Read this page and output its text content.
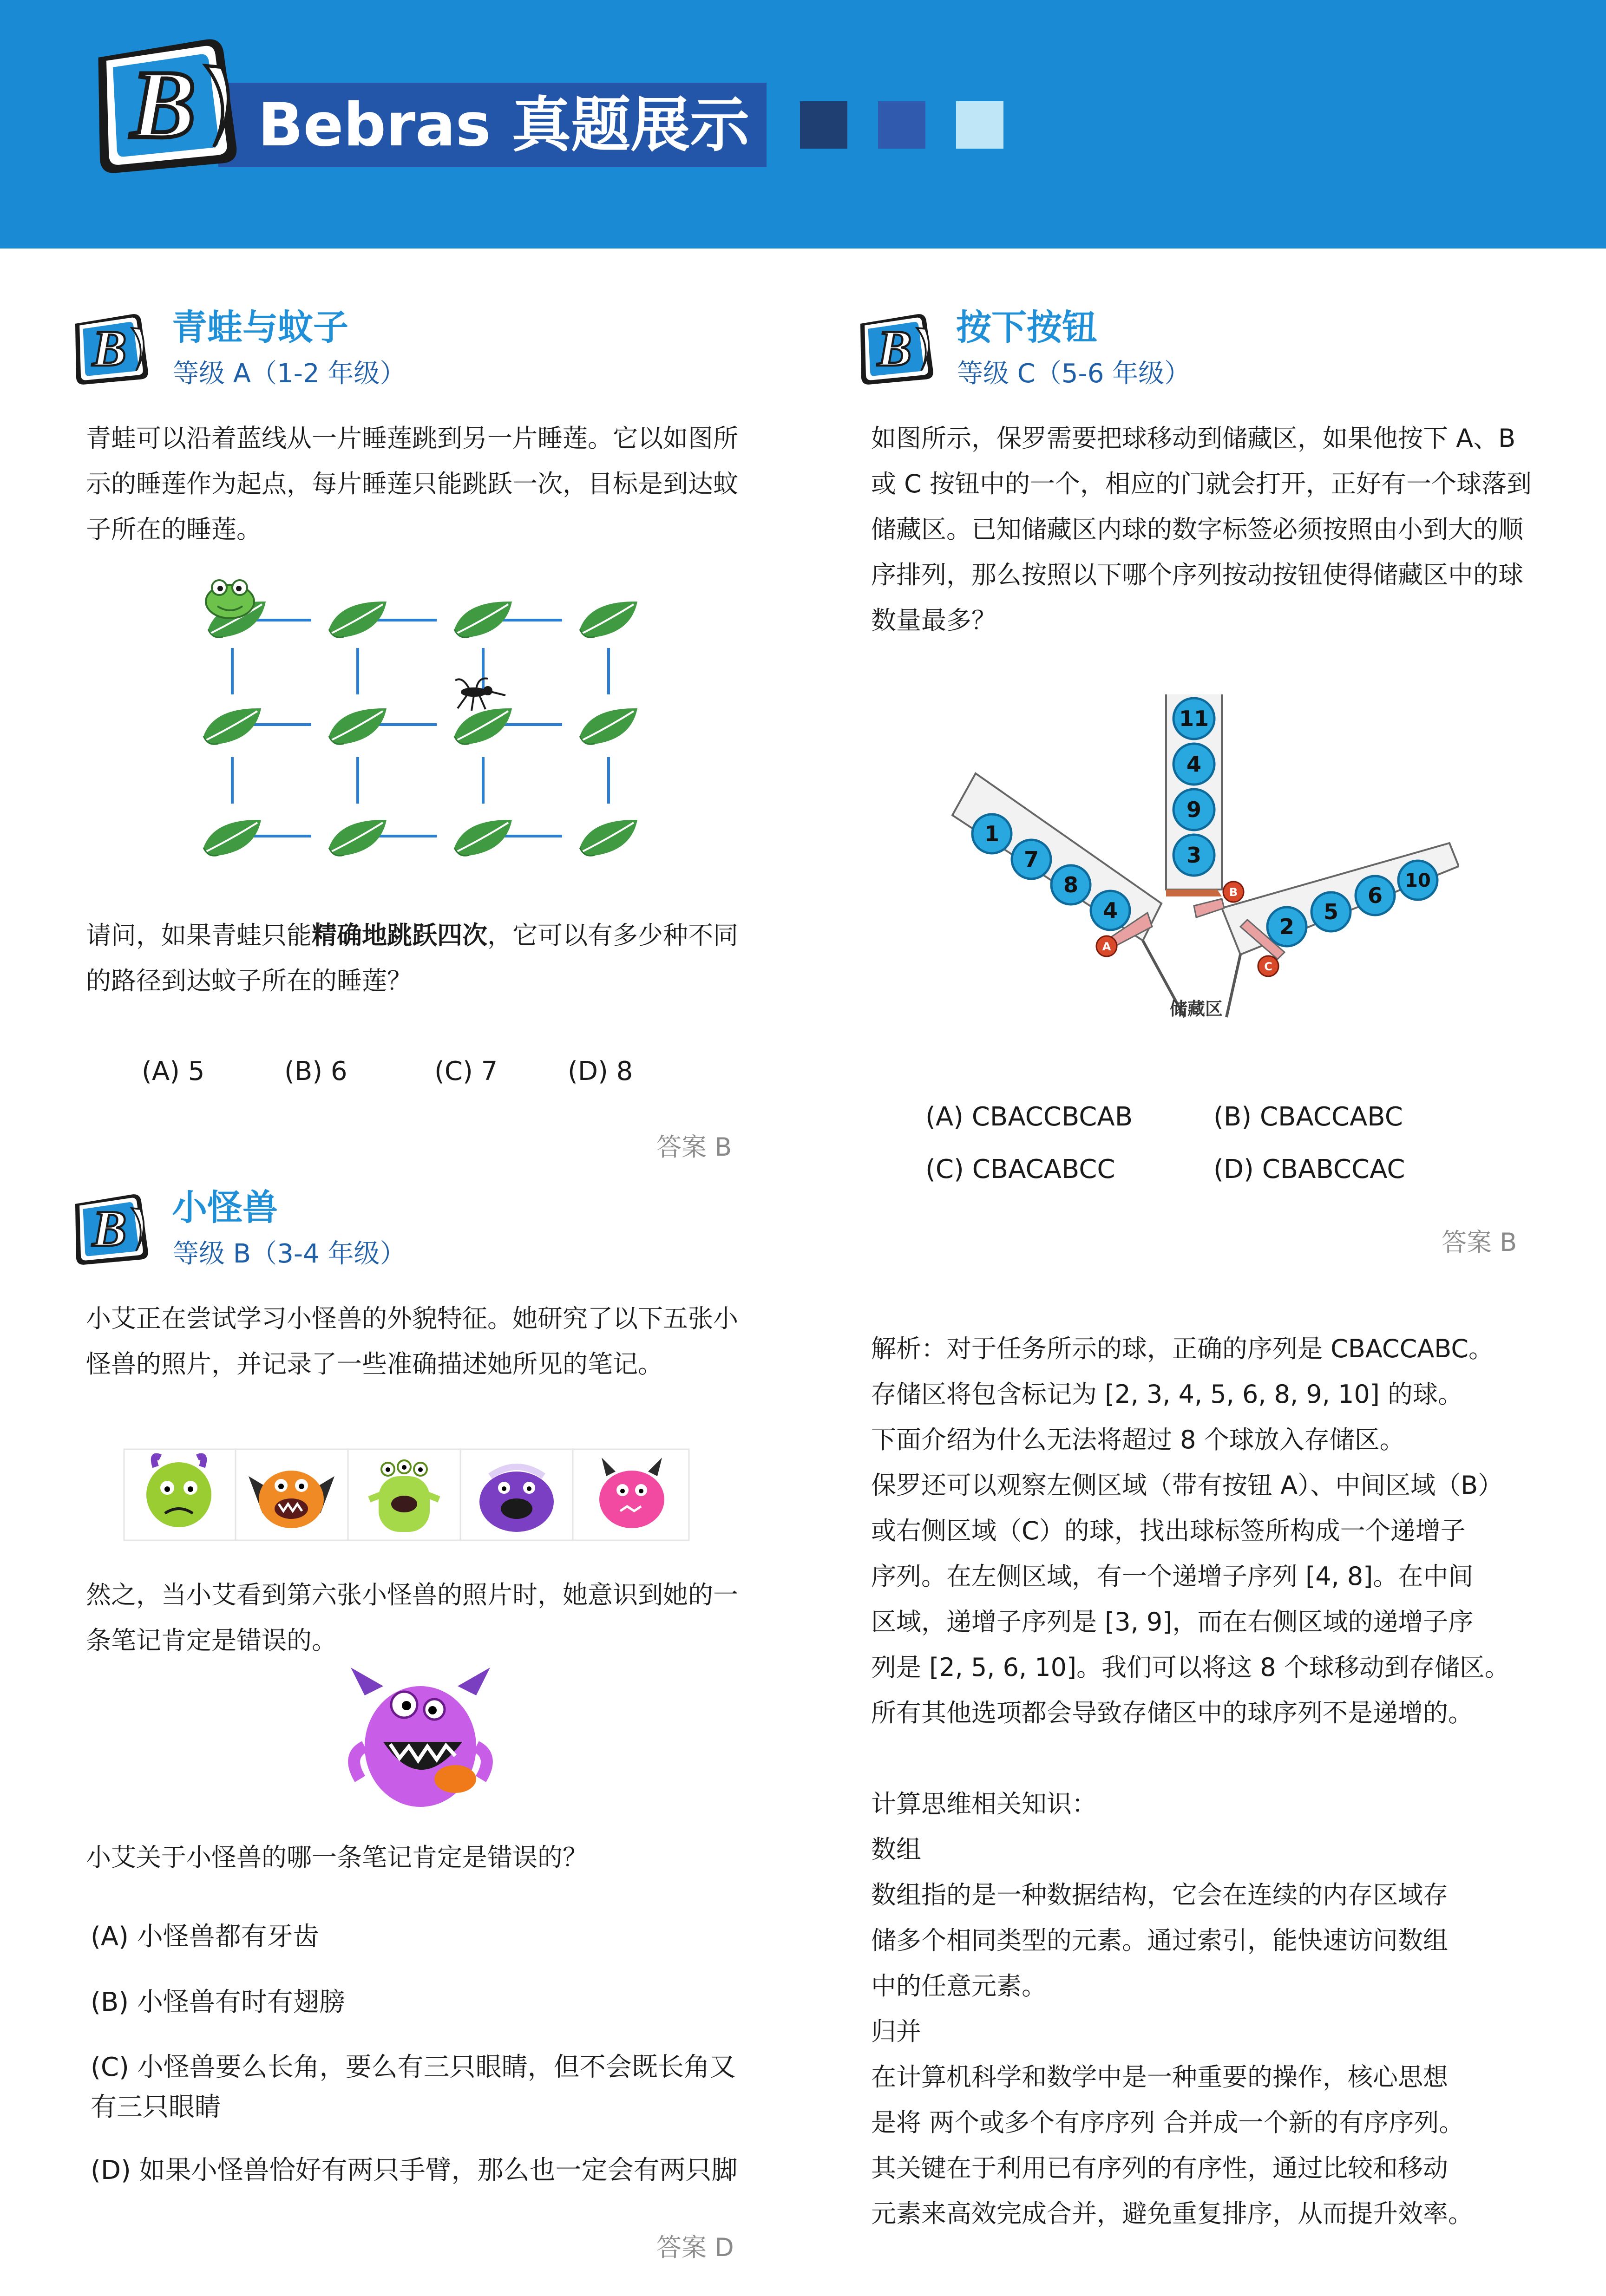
Bebras 真题展示
青蛙与蚊子
等级 A（1-2 年级）
青蛙可以沿着蓝线从一片睡莲跳到另一片睡莲。它以如图所示的睡莲作为起点，每片睡莲只能跳跃一次，目标是到达蚊子所在的睡莲。
请问，如果青蛙只能精确地跳跃四次，它可以有多少种不同的路径到达蚊子所在的睡莲？
(A) 5	(B) 6	(C) 7	(D) 8
答案 B
小怪兽
等级 B（3-4 年级）
小艾正在尝试学习小怪兽的外貌特征。她研究了以下五张小怪兽的照片，并记录了一些准确描述她所见的笔记。
然之，当小艾看到第六张小怪兽的照片时，她意识到她的一条笔记肯定是错误的。
小艾关于小怪兽的哪一条笔记肯定是错误的？
(A) 小怪兽都有牙齿
(B) 小怪兽有时有翅膀
(C) 小怪兽要么长角，要么有三只眼睛，但不会既长角又有三只眼睛
(D) 如果小怪兽恰好有两只手臂，那么也一定会有两只脚
答案 D
按下按钮
等级 C（5-6 年级）
如图所示，保罗需要把球移动到储藏区，如果他按下 A、B 或 C 按钮中的一个，相应的门就会打开，正好有一个球落到储藏区。已知储藏区内球的数字标签必须按照由小到大的顺序排列，那么按照以下哪个序列按动按钮使得储藏区中的球数量最多？
A
B
C
11
4
9
3
1
7
8
4
2
5
6
10
储藏区
(A) CBACCBCAB	(B) CBACCABC
(C) CBACABCC	(D) CBABCCAC
答案 B
解析：对于任务所示的球，正确的序列是 CBACCABC。
存储区将包含标记为 [2, 3, 4, 5, 6, 8, 9, 10] 的球。
下面介绍为什么无法将超过 8 个球放入存储区。
保罗还可以观察左侧区域（带有按钮 A）、中间区域（B）
或右侧区域（C）的球，找出球标签所构成一个递增子
序列。在左侧区域，有一个递增子序列 [4, 8]。在中间
区域，递增子序列是 [3, 9]，而在右侧区域的递增子序
列是 [2, 5, 6, 10]。我们可以将这 8 个球移动到存储区。
所有其他选项都会导致存储区中的球序列不是递增的。
计算思维相关知识：
数组
数组指的是一种数据结构，它会在连续的内存区域存
储多个相同类型的元素。通过索引，能快速访问数组
中的任意元素。
归并
在计算机科学和数学中是一种重要的操作，核心思想
是将 两个或多个有序序列 合并成一个新的有序序列。
其关键在于利用已有序列的有序性，通过比较和移动
元素来高效完成合并，避免重复排序，从而提升效率。
